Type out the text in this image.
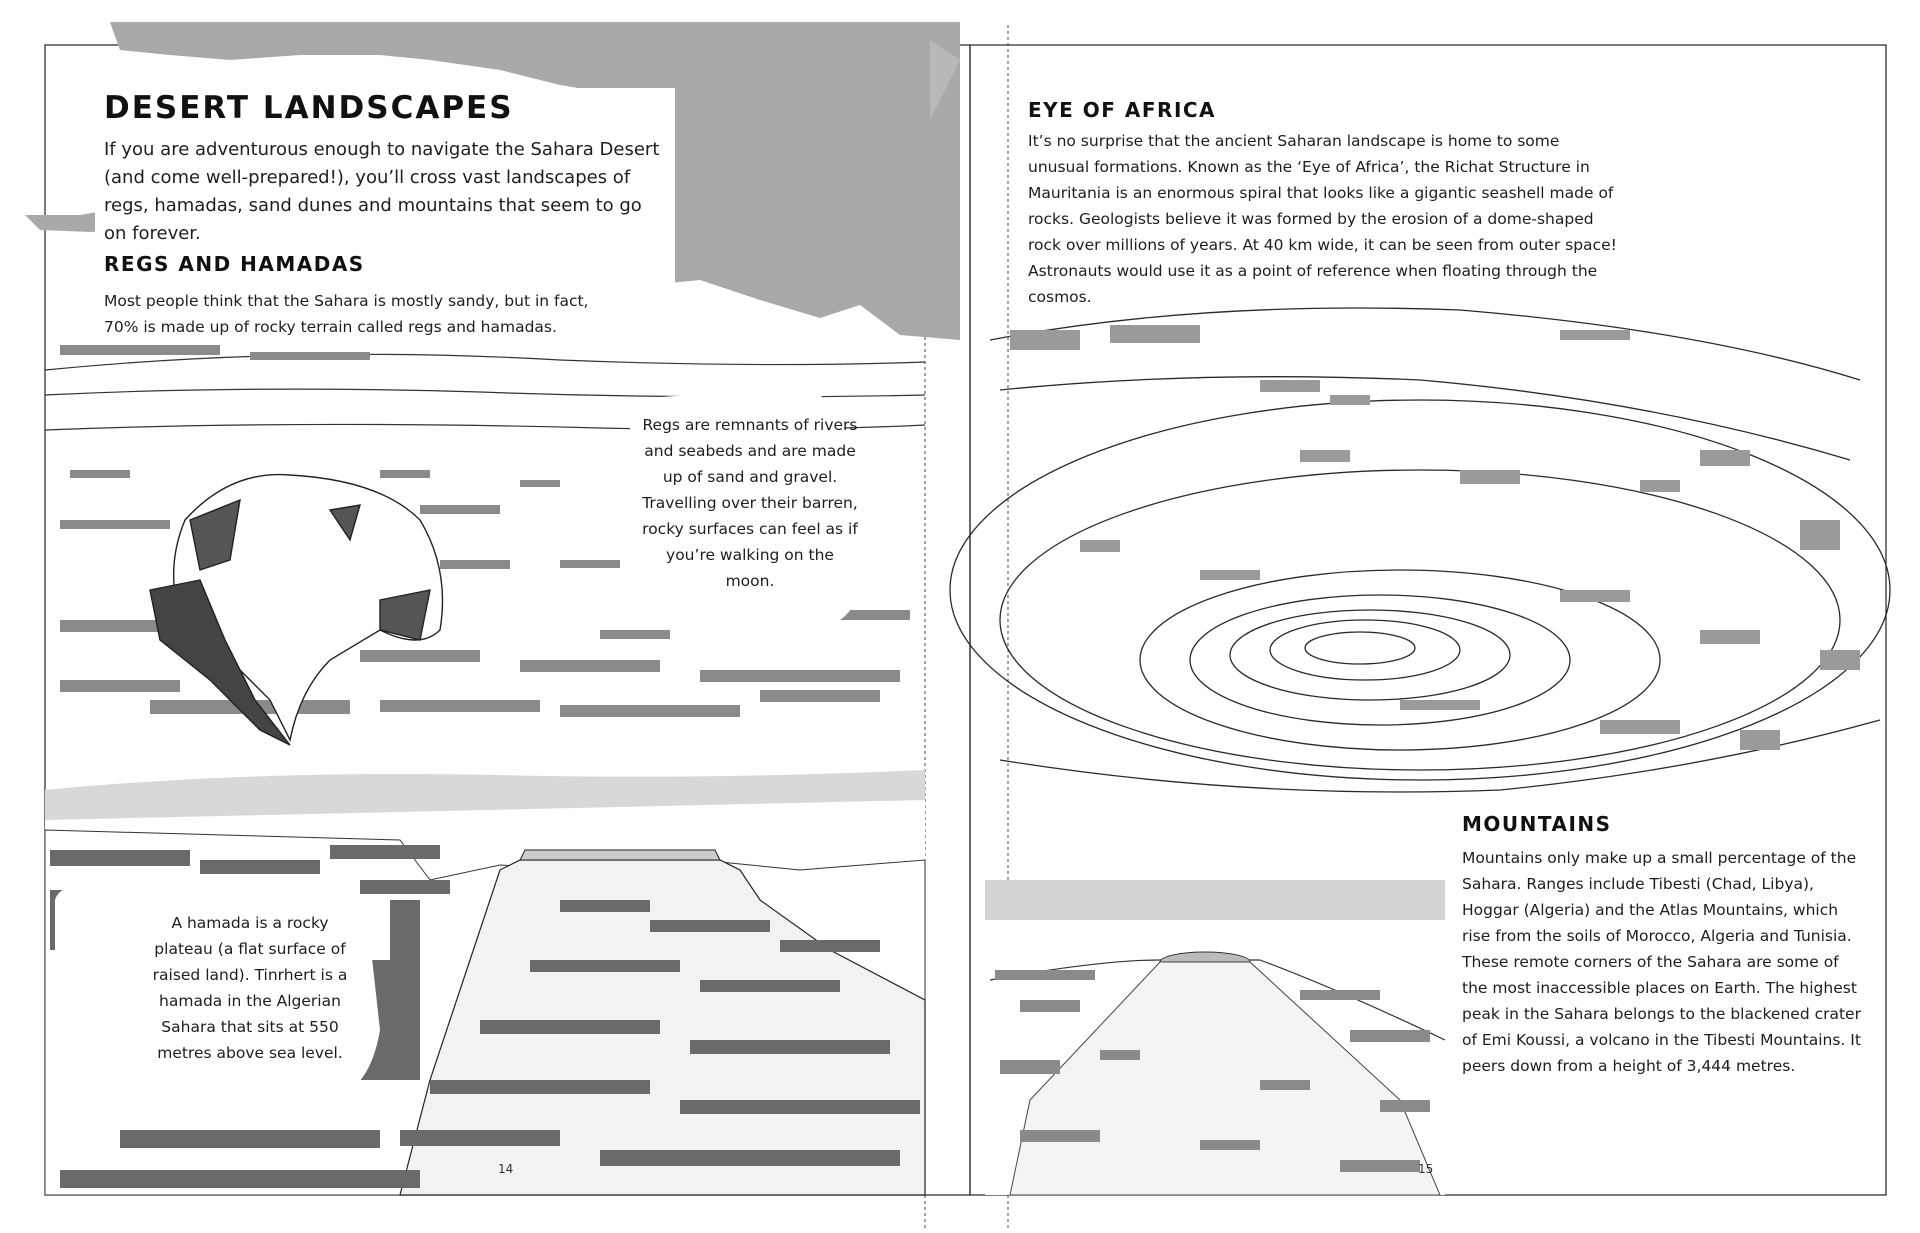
DESERT LANDSCAPES

If you are adventurous enough to navigate the Sahara Desert (and come well-prepared!), you’ll cross vast landscapes of regs, hamadas, sand dunes and mountains that seem to go on forever.

REGS AND HAMADAS

Most people think that the Sahara is mostly sandy, but in fact, 70% is made up of rocky terrain called regs and hamadas.

Regs are remnants of rivers and seabeds and are made up of sand and gravel. Travelling over their barren, rocky surfaces can feel as if you’re walking on the moon.

A hamada is a rocky plateau (a flat surface of raised land). Tinrhert is a hamada in the Algerian Sahara that sits at 550 metres above sea level.

14
EYE OF AFRICA

It’s no surprise that the ancient Saharan landscape is home to some unusual formations. Known as the ‘Eye of Africa’, the Richat Structure in Mauritania is an enormous spiral that looks like a gigantic seashell made of rocks. Geologists believe it was formed by the erosion of a dome-shaped rock over millions of years. At 40 km wide, it can be seen from outer space! Astronauts would use it as a point of reference when floating through the cosmos.

MOUNTAINS

Mountains only make up a small percentage of the Sahara. Ranges include Tibesti (Chad, Libya), Hoggar (Algeria) and the Atlas Mountains, which rise from the soils of Morocco, Algeria and Tunisia. These remote corners of the Sahara are some of the most inaccessible places on Earth. The highest peak in the Sahara belongs to the blackened crater of Emi Koussi, a volcano in the Tibesti Mountains. It peers down from a height of 3,444 metres.

15
